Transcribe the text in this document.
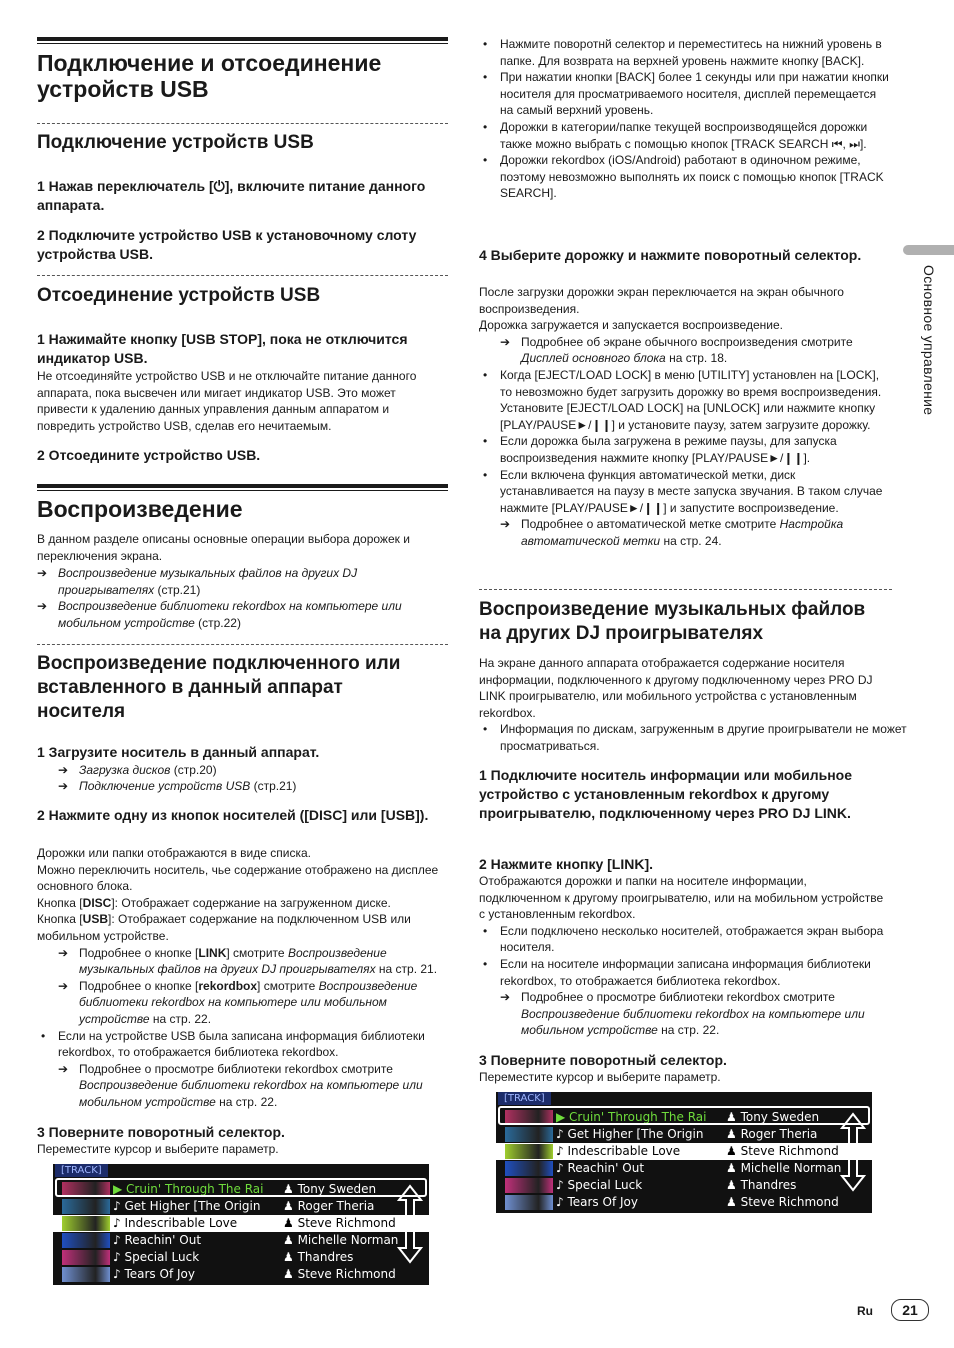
Подключение и отсоединение устройств USB
Подключение устройств USB

1 Нажав переключатель [⏻], включите питание данного аппарата.

2 Подключите устройство USB к установочному слоту устройства USB.

Отсоединение устройств USB

1 Нажимайте кнопку [USB STOP], пока не отключится индикатор USB.

Не отсоединяйте устройство USB и не отключайте питание данного аппарата, пока высвечен или мигает индикатор USB. Это может привести к удалению данных управления данным аппаратом и повредить устройство USB, сделав его нечитаемым.

2 Отсоедините устройство USB.

Воспроизведение

В данном разделе описаны основные операции выбора дорожек и переключения экрана.

➔ Воспроизведение музыкальных файлов на других DJ проигрывателях (стр.21)

➔ Воспроизведение библиотеки rekordbox на компьютере или мобильном устройстве (стр.22)

Воспроизведение подключенного или вставленного в данный аппарат носителя

1 Загрузите носитель в данный аппарат.

➔ Загрузка дисков (стр.20)

➔ Подключение устройств USB (стр.21)

2 Нажмите одну из кнопок носителей ([DISC] или [USB]).

Дорожки или папки отображаются в виде списка.

Можно переключить носитель, чье содержание отображено на дисплее основного блока.

Кнопка [DISC]: Отображает содержание на загруженном диске.

Кнопка [USB]: Отображает содержание на подключенном USB или мобильном устройстве.

➔ Подробнее о кнопке [LINK] смотрите Воспроизведение музыкальных файлов на других DJ проигрывателях на стр. 21.

➔ Подробнее о кнопке [rekordbox] смотрите Воспроизведение библиотеки rekordbox на компьютере или мобильном устройстве на стр. 22.

• Если на устройстве USB была записана информация библиотеки rekordbox, то отображается библиотека rekordbox.

➔ Подробнее о просмотре библиотеки rekordbox смотрите Воспроизведение библиотеки rekordbox на компьютере или мобильном устройстве на стр. 22.

3 Поверните поворотный селектор.

Переместите курсор и выберите параметр.

[TRACK]
▶ Cruin' Through The Rai ♟ Tony Sweden
♪ Get Higher [The Origin ♟ Roger Theria
♪ Indescribable Love	♟ Steve Richmond
♪ Reachin' Out	♟ Michelle Norman
♪ Special Luck	♟ Thandres
♪ Tears Of Joy	♟ Steve Richmond

• Нажмите поворотнй селектор и переместитесь на нижний уровень в папке. Для возврата на верхней уровень нажмите кнопку [BACK].

• При нажатии кнопки [BACK] более 1 секунды или при нажатии кнопки носителя для просматриваемого носителя, дисплей перемещается на самый верхний уровень.

• Дорожки в категории/папке текущей воспроизводящейся дорожки также можно выбрать с помощью кнопок [TRACK SEARCH ⏮, ⏭].

• Дорожки rekordbox (iOS/Android) работают в одиночном режиме, поэтому невозможно выполнять их поиск с помощью кнопок [TRACK SEARCH].

4 Выберите дорожку и нажмите поворотный селектор.

После загрузки дорожки экран переключается на экран обычного воспроизведения.

Дорожка загружается и запускается воспроизведение.

➔ Подробнее об экране обычного воспроизведения смотрите Дисплей основного блока на стр. 18.

• Когда [EJECT/LOAD LOCK] в меню [UTILITY] установлен на [LOCK], то невозможно будет загрузить дорожку во время воспроизведения. Установите [EJECT/LOAD LOCK] на [UNLOCK] или нажмите кнопку [PLAY/PAUSE►/❙❙] и установите паузу, затем загрузите дорожку.

• Если дорожка была загружена в режиме паузы, для запуска воспроизведения нажмите кнопку [PLAY/PAUSE►/❙❙].

• Если включена функция автоматической метки, диск устанавливается на паузу в месте запуска звучания. В таком случае нажмите [PLAY/PAUSE►/❙❙] и запустите воспроизведение.

➔ Подробнее о автоматической метке смотрите Настройка автоматической метки на стр. 24.

Воспроизведение музыкальных файлов на других DJ проигрывателях

На экране данного аппарата отображается содержание носителя информации, подключенного к другому подключенному через PRO DJ LINK проигрывателю, или мобильного устройства с установленным rekordbox.

• Информация по дискам, загруженным в другие проигрыватели не может просматриваться.

1 Подключите носитель информации или мобильное устройство с установленным rekordbox к другому проигрывателю, подключенному через PRO DJ LINK.

2 Нажмите кнопку [LINK].

Отображаются дорожки и папки на носителе информации, подключенном к другому проигрывателю, или на мобильном устройстве с установленным rekordbox.

• Если подключено несколько носителей, отображается экран выбора носителя.

• Если на носителе информации записана информация библиотеки rekordbox, то отображается библиотека rekordbox.

➔ Подробнее о просмотре библиотеки rekordbox смотрите Воспроизведение библиотеки rekordbox на компьютере или мобильном устройстве на стр. 22.

3 Поверните поворотный селектор.

Переместите курсор и выберите параметр.

[TRACK]
▶ Cruin' Through The Rai ♟ Tony Sweden
♪ Get Higher [The Origin ♟ Roger Theria
♪ Indescribable Love	♟ Steve Richmond
♪ Reachin' Out	♟ Michelle Norman
♪ Special Luck	♟ Thandres
♪ Tears Of Joy	♟ Steve Richmond
Основное управление
Ru	21
